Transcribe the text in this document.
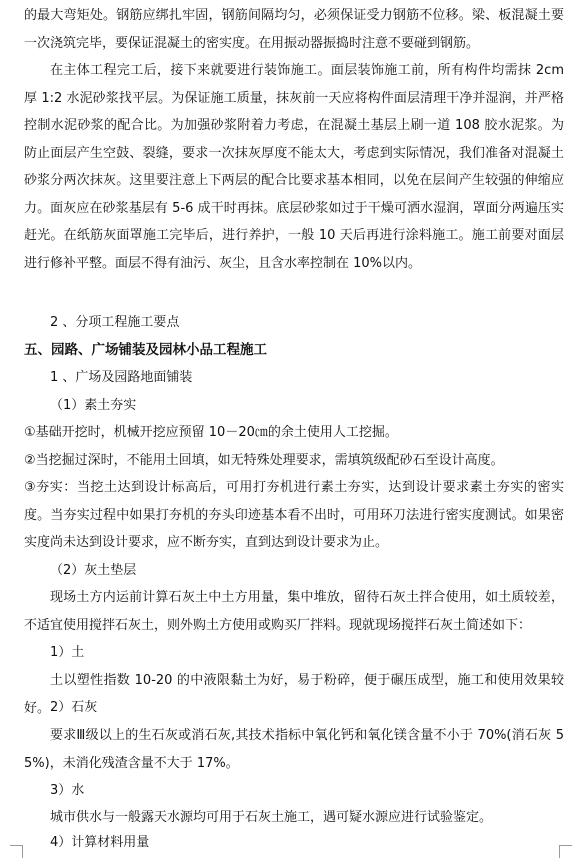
的最大弯矩处。钢筋应绑扎牢固，钢筋间隔均匀，必须保证受力钢筋不位移。梁、板混凝土要一次浇筑完毕，要保证混凝土的密实度。在用振动器振捣时注意不要碰到钢筋。

在主体工程完工后，接下来就要进行装饰施工。面层装饰施工前，所有构件均需抹 2cm 厚 1:2 水泥砂浆找平层。为保证施工质量，抹灰前一天应将构件面层清理干净并湿润，并严格控制水泥砂浆的配合比。为加强砂浆附着力考虑，在混凝土基层上刷一道 108 胶水泥浆。为防止面层产生空鼓、裂缝，要求一次抹灰厚度不能太大，考虑到实际情况，我们准备对混凝土砂浆分两次抹灰。这里要注意上下两层的配合比要求基本相同，以免在层间产生较强的伸缩应力。面灰应在砂浆基层有 5-6 成干时再抹。底层砂浆如过于干燥可洒水湿润，罩面分两遍压实赶光。在纸筋灰面罩施工完毕后，进行养护，一般 10 天后再进行涂料施工。施工前要对面层进行修补平整。面层不得有油污、灰尘，且含水率控制在 10%以内。

2 、分项工程施工要点

五、园路、广场铺装及园林小品工程施工

1 、广场及园路地面铺装

（1）素土夯实

①基础开挖时，机械开挖应预留 10－20㎝的余土使用人工挖掘。

②当挖掘过深时，不能用土回填，如无特殊处理要求，需填筑级配砂石至设计高度。

③夯实：当挖土达到设计标高后，可用打夯机进行素土夯实，达到设计要求素土夯实的密实度。当夯实过程中如果打夯机的夯头印迹基本看不出时，可用环刀法进行密实度测试。如果密实度尚未达到设计要求，应不断夯实，直到达到设计要求为止。

（2）灰土垫层

现场土方内运前计算石灰土中土方用量，集中堆放，留待石灰土拌合使用，如土质较差，不适宜使用搅拌石灰土，则外购土方使用或购买厂拌料。现就现场搅拌石灰土简述如下：

1）土

土以塑性指数 10-20 的中液限黏土为好，易于粉碎，便于碾压成型，施工和使用效果较好。 2）石灰

要求Ⅲ级以上的生石灰或消石灰,其技术指标中氧化钙和氧化镁含量不小于 70%(消石灰 55%)，未消化残渣含量不大于 17%。

3）水

城市供水与一般露天水源均可用于石灰土施工，遇可疑水源应进行试验鉴定。

4）计算材料用量
